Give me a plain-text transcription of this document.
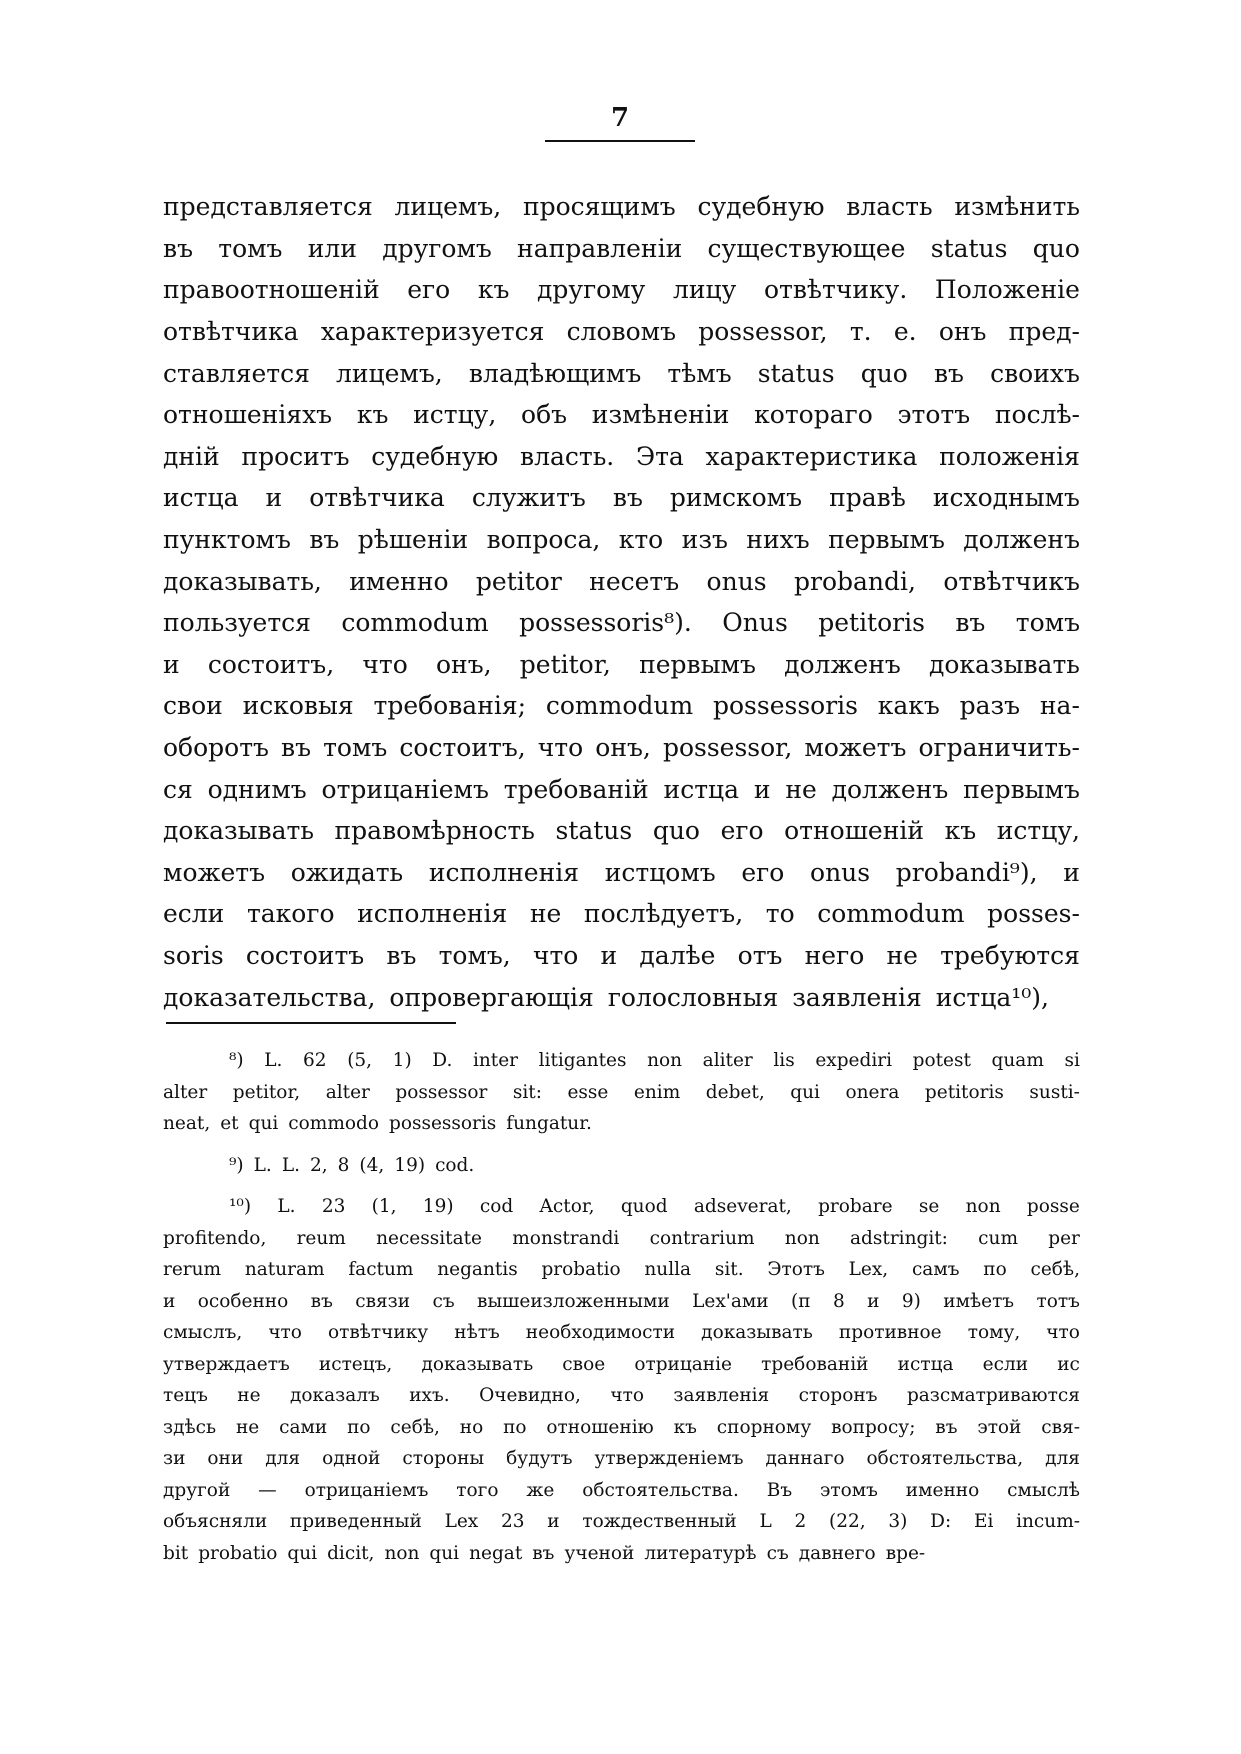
7
представляется лицемъ, просящимъ судебную власть измѣнить
въ томъ или другомъ направленіи существующее status quo
правоотношеній его къ другому лицу отвѣтчику. Положеніе
отвѣтчика характеризуется словомъ possessor, т. е. онъ пред-
ставляется лицемъ, владѣющимъ тѣмъ status quo въ своихъ
отношеніяхъ къ истцу, объ измѣненіи котораго этотъ послѣ-
дній проситъ судебную власть. Эта характеристика положенія
истца и отвѣтчика служитъ въ римскомъ правѣ исходнымъ
пунктомъ въ рѣшеніи вопроса, кто изъ нихъ первымъ долженъ
доказывать, именно petitor несетъ onus probandi, отвѣтчикъ
пользуется commodum possessoris⁸). Onus petitoris въ томъ
и состоитъ, что онъ, petitor, первымъ долженъ доказывать
свои исковыя требованія; commodum possessoris какъ разъ на-
оборотъ въ томъ состоитъ, что онъ, possessor, можетъ ограничить-
ся однимъ отрицаніемъ требованій истца и не долженъ первымъ
доказывать правомѣрность status quo его отношеній къ истцу,
можетъ ожидать исполненія истцомъ его onus probandi⁹), и
если такого исполненія не послѣдуетъ, то commodum posses-
soris состоитъ въ томъ, что и далѣе отъ него не требуются
доказательства, опровергающія голословныя заявленія истца¹⁰),
⁸) L. 62 (5, 1) D. inter litigantes non aliter lis expediri potest quam si
alter petitor, alter possessor sit: esse enim debet, qui onera petitoris susti-
neat, et qui commodo possessoris fungatur.
⁹) L. L. 2, 8 (4, 19) cod.
¹⁰) L. 23 (1, 19) cod Actor, quod adseverat, probare se non posse
profitendo, reum necessitate monstrandi contrarium non adstringit: cum per
rerum naturam factum negantis probatio nulla sit. Этотъ Lex, самъ по себѣ,
и особенно въ связи съ вышеизложенными Lex'ами (п 8 и 9) имѣетъ тотъ
смыслъ, что отвѣтчику нѣтъ необходимости доказывать противное тому, что
утверждаетъ истецъ, доказывать свое отрицаніе требованій истца если ис
тецъ не доказалъ ихъ. Очевидно, что заявленія сторонъ разсматриваются
здѣсь не сами по себѣ, но по отношенію къ спорному вопросу; въ этой свя-
зи они для одной стороны будутъ утвержденіемъ даннаго обстоятельства, для
другой — отрицаніемъ того же обстоятельства. Въ этомъ именно смыслѣ
объясняли приведенный Lex 23 и тождественный L 2 (22, 3) D: Ei incum-
bit probatio qui dicit, non qui negat въ ученой литературѣ съ давнего вре-
